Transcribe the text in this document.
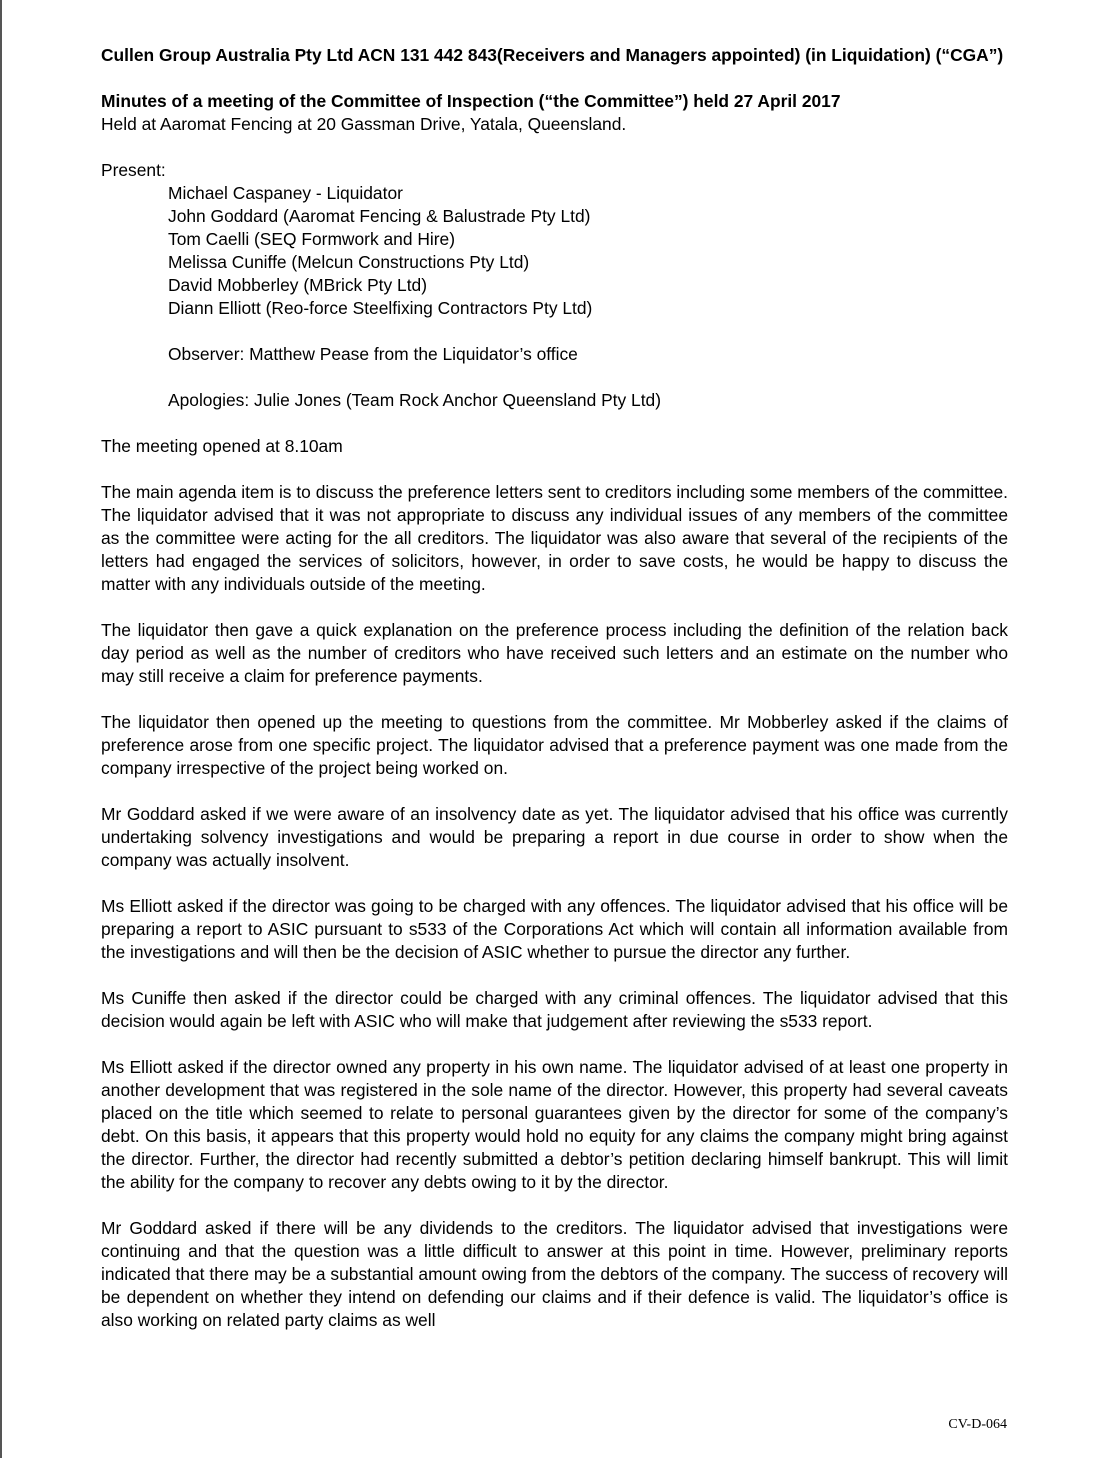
Cullen Group Australia Pty Ltd ACN 131 442 843(Receivers and Managers appointed) (in Liquidation) (“CGA”)

Minutes of a meeting of the Committee of Inspection (“the Committee”) held 27 April 2017

Held at Aaromat Fencing at 20 Gassman Drive, Yatala, Queensland.

Present:

Michael Caspaney - Liquidator
John Goddard (Aaromat Fencing & Balustrade Pty Ltd)
Tom Caelli (SEQ Formwork and Hire)
Melissa Cuniffe (Melcun Constructions Pty Ltd)
David Mobberley (MBrick Pty Ltd)
Diann Elliott (Reo-force Steelfixing Contractors Pty Ltd)

Observer: Matthew Pease from the Liquidator’s office

Apologies: Julie Jones (Team Rock Anchor Queensland Pty Ltd)

The meeting opened at 8.10am

The main agenda item is to discuss the preference letters sent to creditors including some members of the committee. The liquidator advised that it was not appropriate to discuss any individual issues of any members of the committee as the committee were acting for the all creditors. The liquidator was also aware that several of the recipients of the letters had engaged the services of solicitors, however, in order to save costs, he would be happy to discuss the matter with any individuals outside of the meeting.

The liquidator then gave a quick explanation on the preference process including the definition of the relation back day period as well as the number of creditors who have received such letters and an estimate on the number who may still receive a claim for preference payments.

The liquidator then opened up the meeting to questions from the committee. Mr Mobberley asked if the claims of preference arose from one specific project. The liquidator advised that a preference payment was one made from the company irrespective of the project being worked on.

Mr Goddard asked if we were aware of an insolvency date as yet. The liquidator advised that his office was currently undertaking solvency investigations and would be preparing a report in due course in order to show when the company was actually insolvent.

Ms Elliott asked if the director was going to be charged with any offences. The liquidator advised that his office will be preparing a report to ASIC pursuant to s533 of the Corporations Act which will contain all information available from the investigations and will then be the decision of ASIC whether to pursue the director any further.

Ms Cuniffe then asked if the director could be charged with any criminal offences. The liquidator advised that this decision would again be left with ASIC who will make that judgement after reviewing the s533 report.

Ms Elliott asked if the director owned any property in his own name. The liquidator advised of at least one property in another development that was registered in the sole name of the director. However, this property had several caveats placed on the title which seemed to relate to personal guarantees given by the director for some of the company’s debt. On this basis, it appears that this property would hold no equity for any claims the company might bring against the director. Further, the director had recently submitted a debtor’s petition declaring himself bankrupt. This will limit the ability for the company to recover any debts owing to it by the director.

Mr Goddard asked if there will be any dividends to the creditors. The liquidator advised that investigations were continuing and that the question was a little difficult to answer at this point in time. However, preliminary reports indicated that there may be a substantial amount owing from the debtors of the company. The success of recovery will be dependent on whether they intend on defending our claims and if their defence is valid. The liquidator’s office is also working on related party claims as well

CV-D-064
